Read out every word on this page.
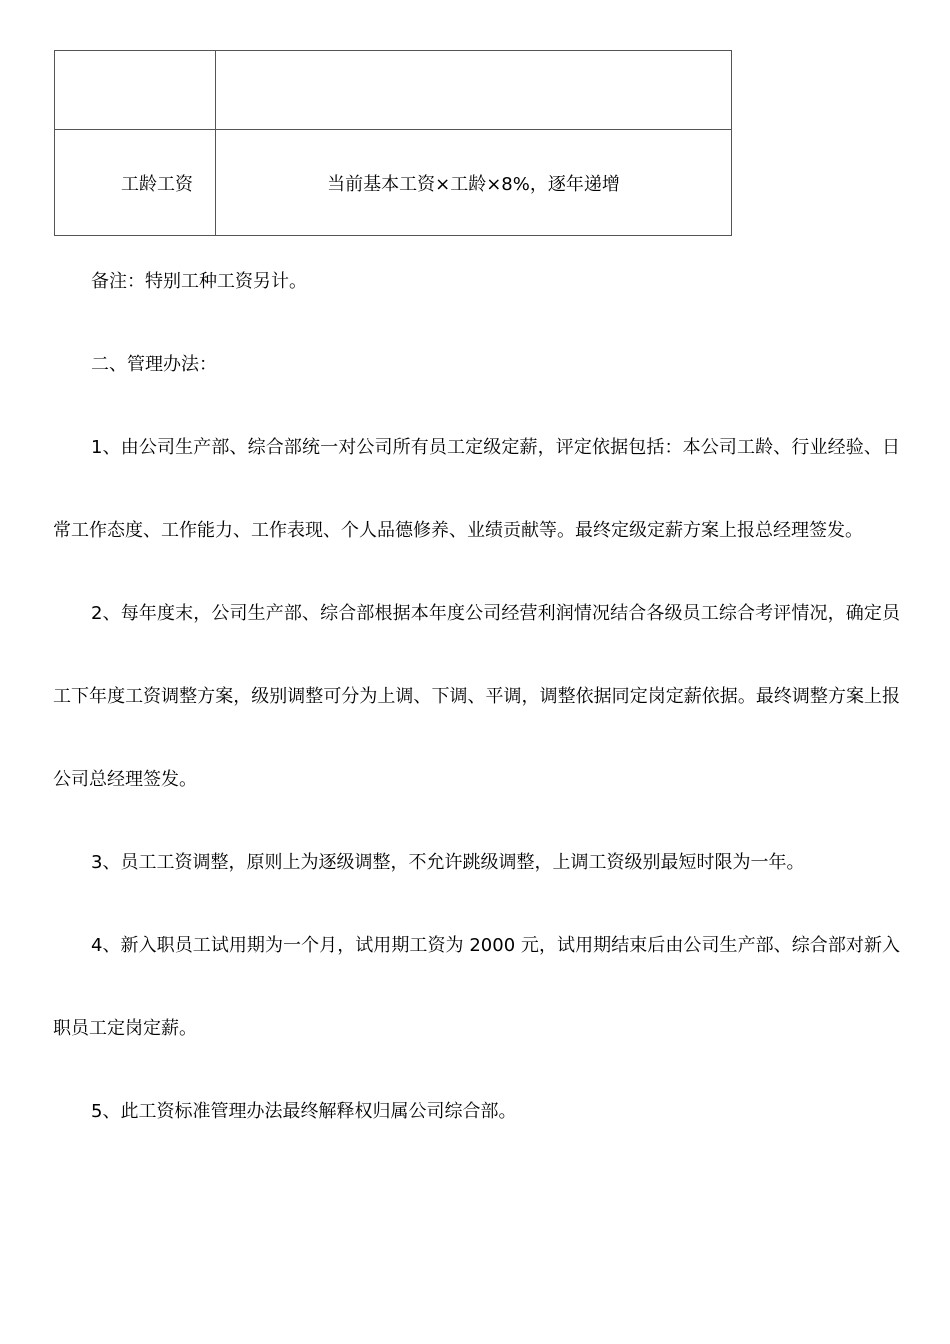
工龄工资	当前基本工资×工龄×8%，逐年递增

备注：特别工种工资另计。

二、管理办法：

1、由公司生产部、综合部统一对公司所有员工定级定薪，评定依据包括：本公司工龄、行业经验、日常工作态度、工作能力、工作表现、个人品德修养、业绩贡献等。最终定级定薪方案上报总经理签发。

2、每年度末，公司生产部、综合部根据本年度公司经营利润情况结合各级员工综合考评情况，确定员工下年度工资调整方案，级别调整可分为上调、下调、平调，调整依据同定岗定薪依据。最终调整方案上报公司总经理签发。

3、员工工资调整，原则上为逐级调整，不允许跳级调整，上调工资级别最短时限为一年。

4、新入职员工试用期为一个月，试用期工资为 2000 元，试用期结束后由公司生产部、综合部对新入职员工定岗定薪。

5、此工资标准管理办法最终解释权归属公司综合部。
